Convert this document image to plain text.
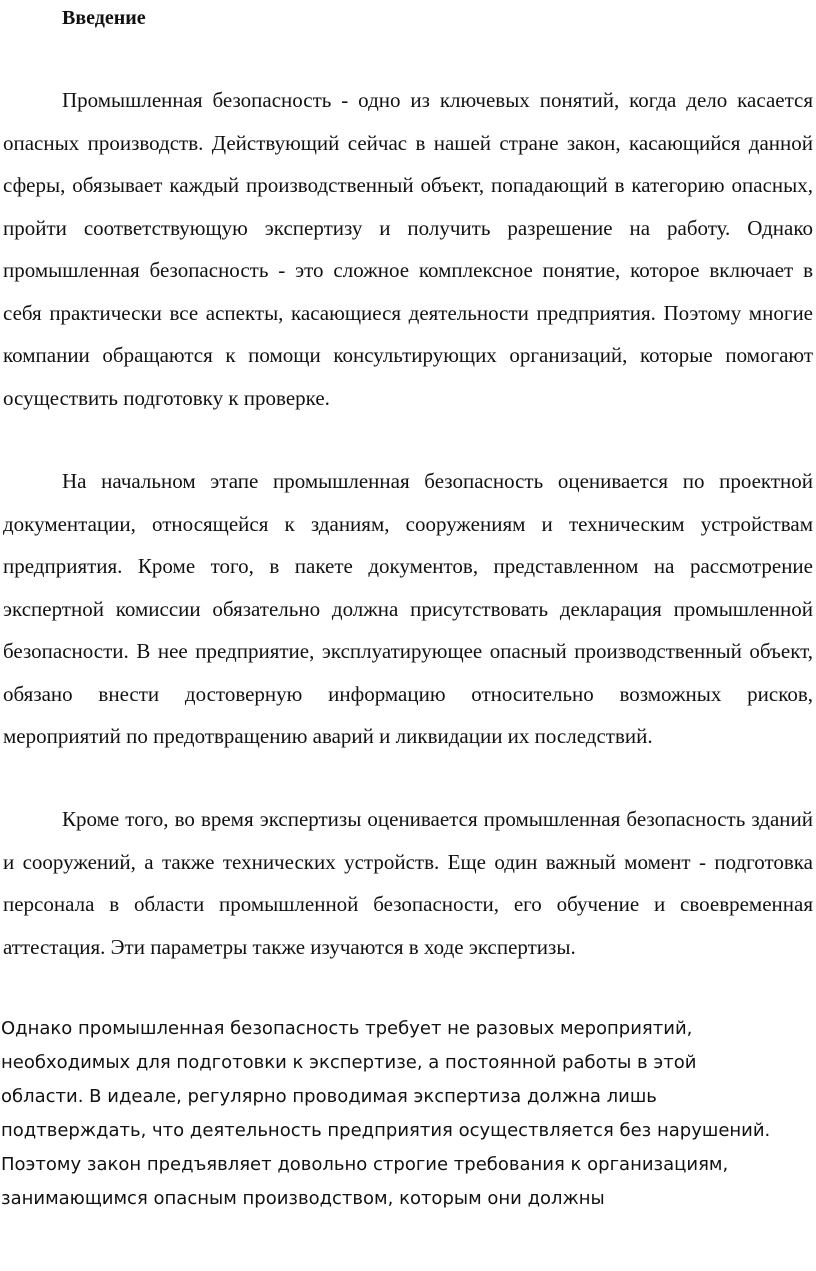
Введение

Промышленная безопасность - одно из ключевых понятий, когда дело касается опасных производств. Действующий сейчас в нашей стране закон, касающийся данной сферы, обязывает каждый производственный объект, попадающий в категорию опасных, пройти соответствующую экспертизу и получить разрешение на работу. Однако промышленная безопасность - это сложное комплексное понятие, которое включает в себя практически все аспекты, касающиеся деятельности предприятия. Поэтому многие компании обращаются к помощи консультирующих организаций, которые помогают осуществить подготовку к проверке.

На начальном этапе промышленная безопасность оценивается по проектной документации, относящейся к зданиям, сооружениям и техническим устройствам предприятия. Кроме того, в пакете документов, представленном на рассмотрение экспертной комиссии обязательно должна присутствовать декларация промышленной безопасности. В нее предприятие, эксплуатирующее опасный производственный объект, обязано внести достоверную информацию относительно возможных рисков, мероприятий по предотвращению аварий и ликвидации их последствий.

Кроме того, во время экспертизы оценивается промышленная безопасность зданий и сооружений, а также технических устройств. Еще один важный момент - подготовка персонала в области промышленной безопасности, его обучение и своевременная аттестация. Эти параметры также изучаются в ходе экспертизы.

Однако промышленная безопасность требует не разовых мероприятий, необходимых для подготовки к экспертизе, а постоянной работы в этой области. В идеале, регулярно проводимая экспертиза должна лишь подтверждать, что деятельность предприятия осуществляется без нарушений. Поэтому закон предъявляет довольно строгие требования к организациям, занимающимся опасным производством, которым они должны
